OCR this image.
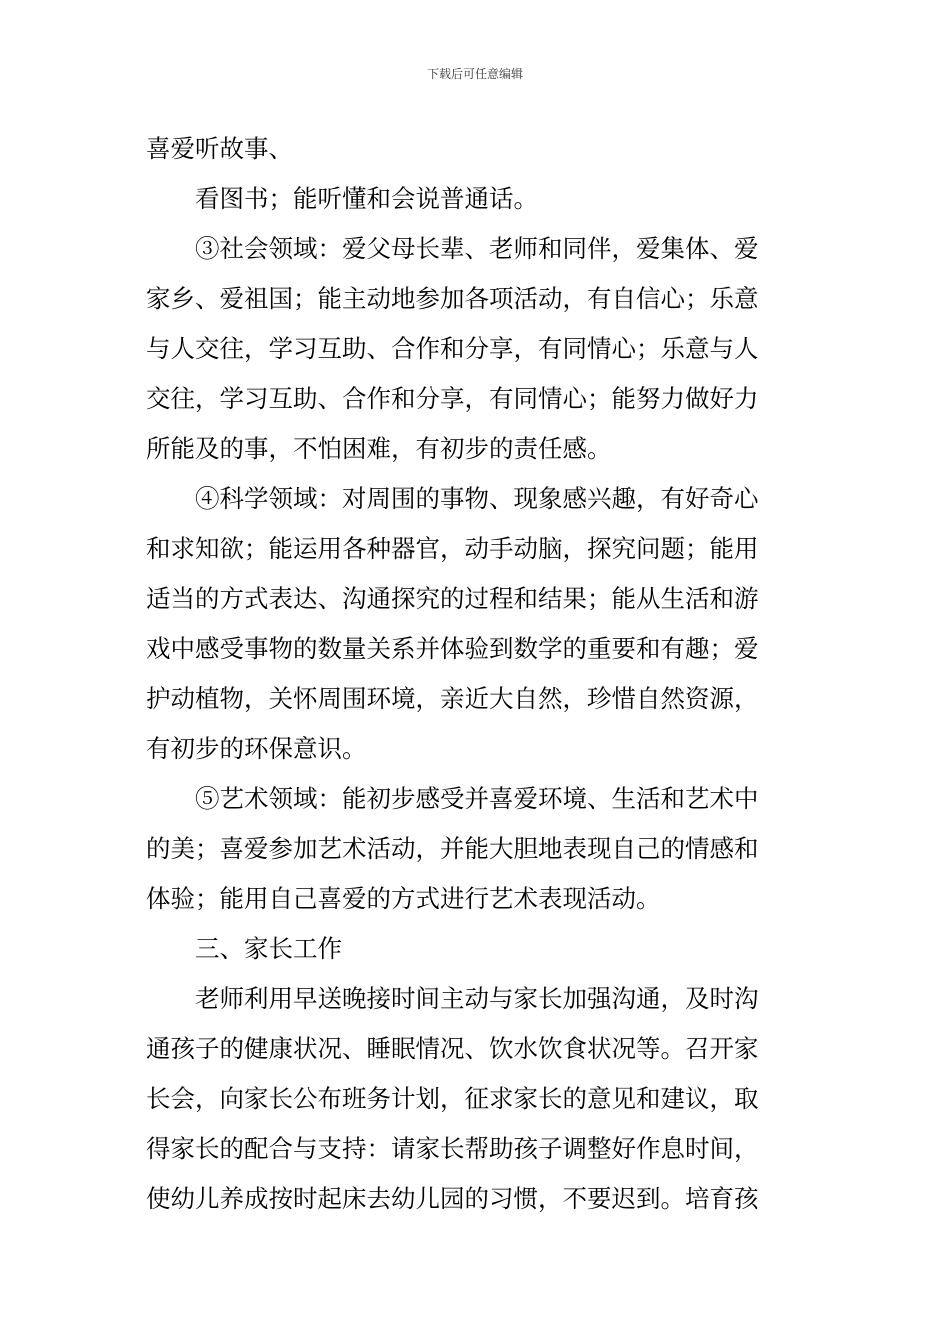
下载后可任意编辑
喜爱听故事、
看图书；能听懂和会说普通话。
③社会领域：爱父母长辈、老师和同伴，爱集体、爱
家乡、爱祖国；能主动地参加各项活动，有自信心；乐意
与人交往，学习互助、合作和分享，有同情心；乐意与人
交往，学习互助、合作和分享，有同情心；能努力做好力
所能及的事，不怕困难，有初步的责任感。
④科学领域：对周围的事物、现象感兴趣，有好奇心
和求知欲；能运用各种器官，动手动脑，探究问题；能用
适当的方式表达、沟通探究的过程和结果；能从生活和游
戏中感受事物的数量关系并体验到数学的重要和有趣；爱
护动植物，关怀周围环境，亲近大自然，珍惜自然资源，
有初步的环保意识。
⑤艺术领域：能初步感受并喜爱环境、生活和艺术中
的美；喜爱参加艺术活动，并能大胆地表现自己的情感和
体验；能用自己喜爱的方式进行艺术表现活动。
三、家长工作
老师利用早送晚接时间主动与家长加强沟通，及时沟
通孩子的健康状况、睡眠情况、饮水饮食状况等。召开家
长会，向家长公布班务计划，征求家长的意见和建议，取
得家长的配合与支持：请家长帮助孩子调整好作息时间，
使幼儿养成按时起床去幼儿园的习惯，不要迟到。培育孩
